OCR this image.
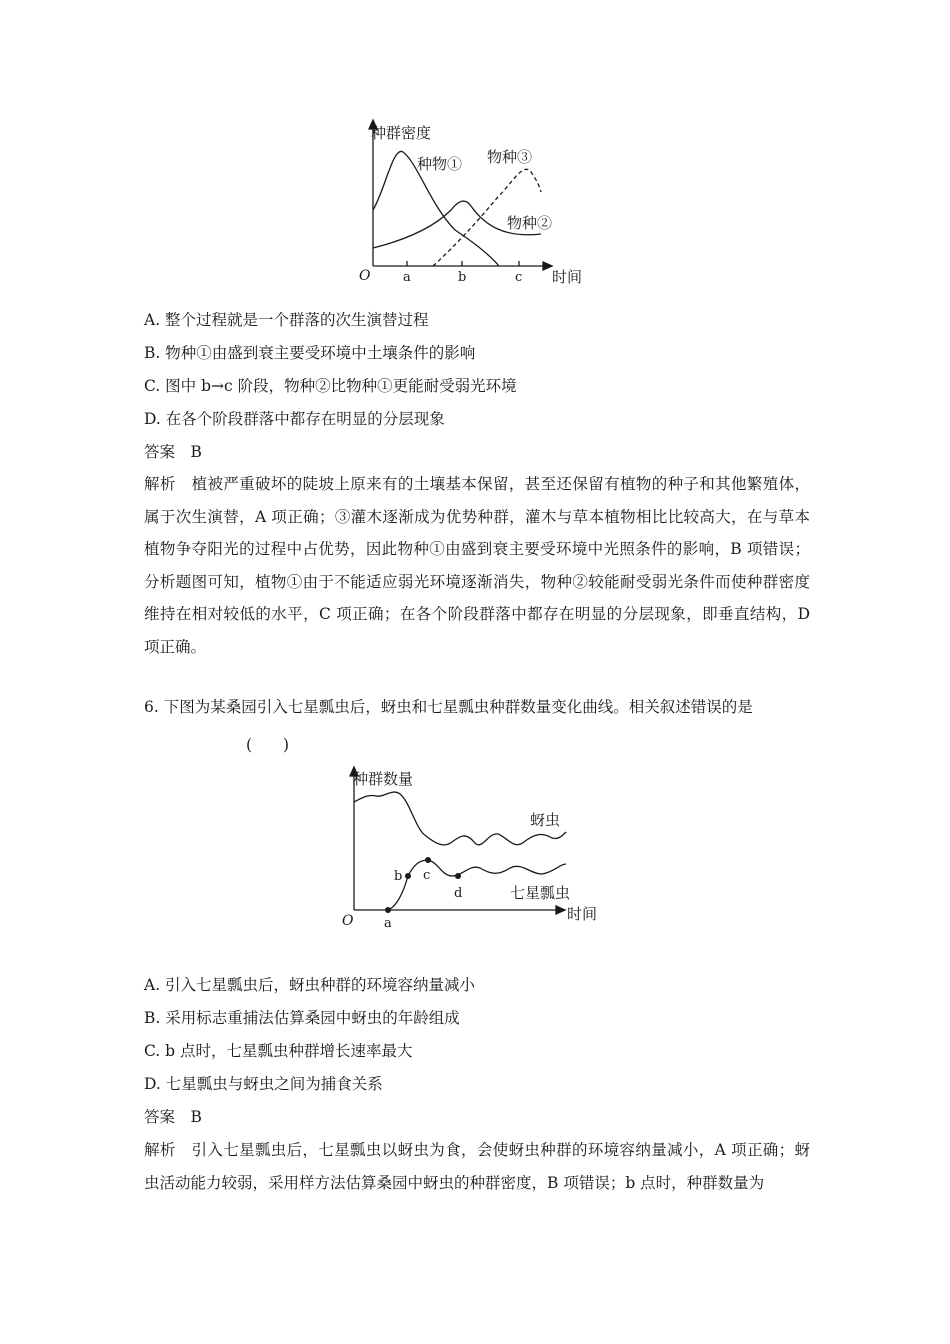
种群密度
种物① 物种③
物种②
O	a	b	c 时间
A. 整个过程就是一个群落的次生演替过程
B. 物种①由盛到衰主要受环境中土壤条件的影响
C. 图中 b→c 阶段，物种②比物种①更能耐受弱光环境
D. 在各个阶段群落中都存在明显的分层现象
答案　B
解析　植被严重破坏的陡坡上原来有的土壤基本保留，甚至还保留有植物的种子和其他繁殖体，属于次生演替，A 项正确；③灌木逐渐成为优势种群，灌木与草本植物相比比较高大，在与草本植物争夺阳光的过程中占优势，因此物种①由盛到衰主要受环境中光照条件的影响，B 项错误；分析题图可知，植物①由于不能适应弱光环境逐渐消失，物种②较能耐受弱光条件而使种群密度维持在相对较低的水平，C 项正确；在各个阶段群落中都存在明显的分层现象，即垂直结构，D 项正确。
6. 下图为某桑园引入七星瓢虫后，蚜虫和七星瓢虫种群数量变化曲线。相关叙述错误的是
(　　)
种群数量
蚜虫
七星瓢虫
b c
d
O a
时间
A. 引入七星瓢虫后，蚜虫种群的环境容纳量减小
B. 采用标志重捕法估算桑园中蚜虫的年龄组成
C. b 点时，七星瓢虫种群增长速率最大
D. 七星瓢虫与蚜虫之间为捕食关系
答案　B
解析　引入七星瓢虫后，七星瓢虫以蚜虫为食，会使蚜虫种群的环境容纳量减小，A 项正确；蚜虫活动能力较弱，采用样方法估算桑园中蚜虫的种群密度，B 项错误；b 点时，种群数量为
